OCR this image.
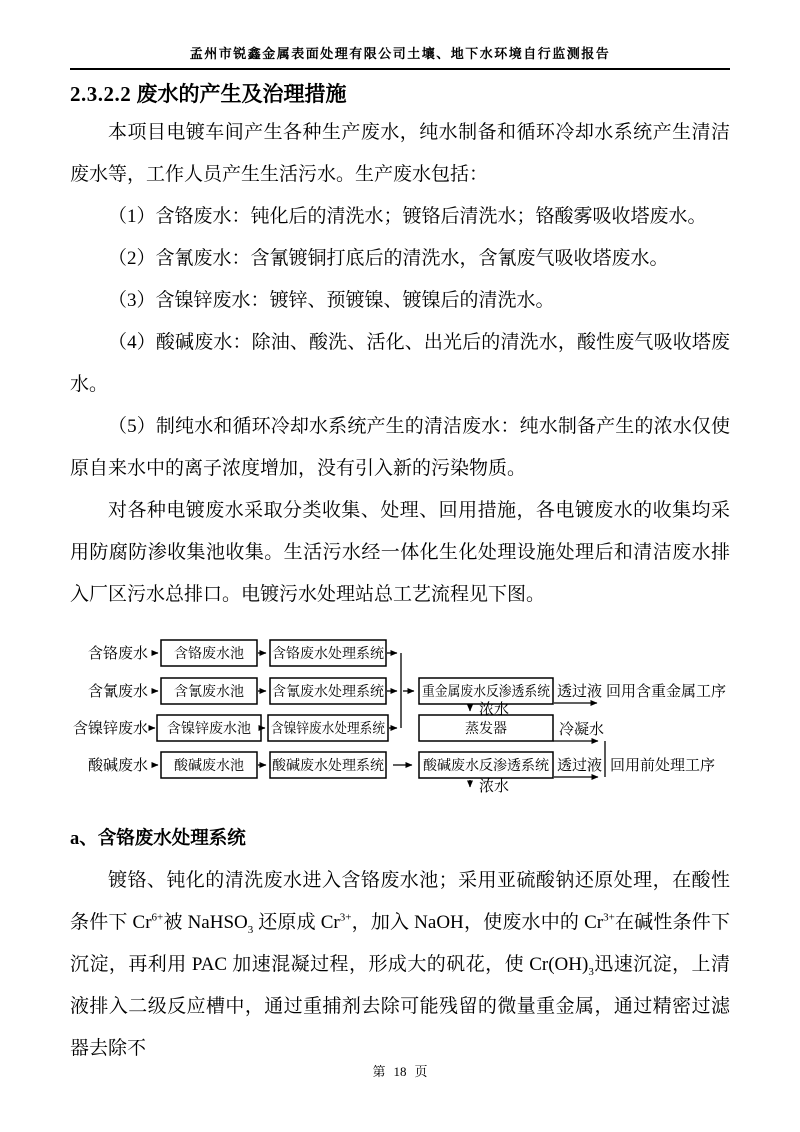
孟州市锐鑫金属表面处理有限公司土壤、地下水环境自行监测报告
2.3.2.2 废水的产生及治理措施

本项目电镀车间产生各种生产废水，纯水制备和循环冷却水系统产生清洁废水等，工作人员产生生活污水。生产废水包括：

（1）含铬废水：钝化后的清洗水；镀铬后清洗水；铬酸雾吸收塔废水。

（2）含氰废水：含氰镀铜打底后的清洗水，含氰废气吸收塔废水。

（3）含镍锌废水：镀锌、预镀镍、镀镍后的清洗水。

（4）酸碱废水：除油、酸洗、活化、出光后的清洗水，酸性废气吸收塔废水。

（5）制纯水和循环冷却水系统产生的清洁废水：纯水制备产生的浓水仅使原自来水中的离子浓度增加，没有引入新的污染物质。

对各种电镀废水采取分类收集、处理、回用措施，各电镀废水的收集均采用防腐防渗收集池收集。生活污水经一体化生化处理设施处理后和清洁废水排入厂区污水总排口。电镀污水处理站总工艺流程见下图。

含铬废水
含氰废水
含镍锌废水
酸碱废水
含铬废水池
含氰废水池
含镍锌废水池
酸碱废水池
含铬废水处理系统
含氰废水处理系统
含镍锌废水处理系统
酸碱废水处理系统
重金属废水反渗透系统
蒸发器
酸碱废水反渗透系统
透过液 回用含重金属工序
浓水
冷凝水
透过液 回用前处理工序
浓水
a、含铬废水处理系统

镀铬、钝化的清洗废水进入含铬废水池；采用亚硫酸钠还原处理，在酸性条件下 $Cr^{6+}$被 NaHSO$_3$ 还原成 $Cr^{3+}$，加入 NaOH，使废水中的 $Cr^{3+}$在碱性条件下沉淀，再利用 PAC 加速混凝过程，形成大的矾花，使 $Cr(OH)_3$迅速沉淀，上清液排入二级反应槽中，通过重捕剂去除可能残留的微量重金属，通过精密过滤器去除不

第 18 页
